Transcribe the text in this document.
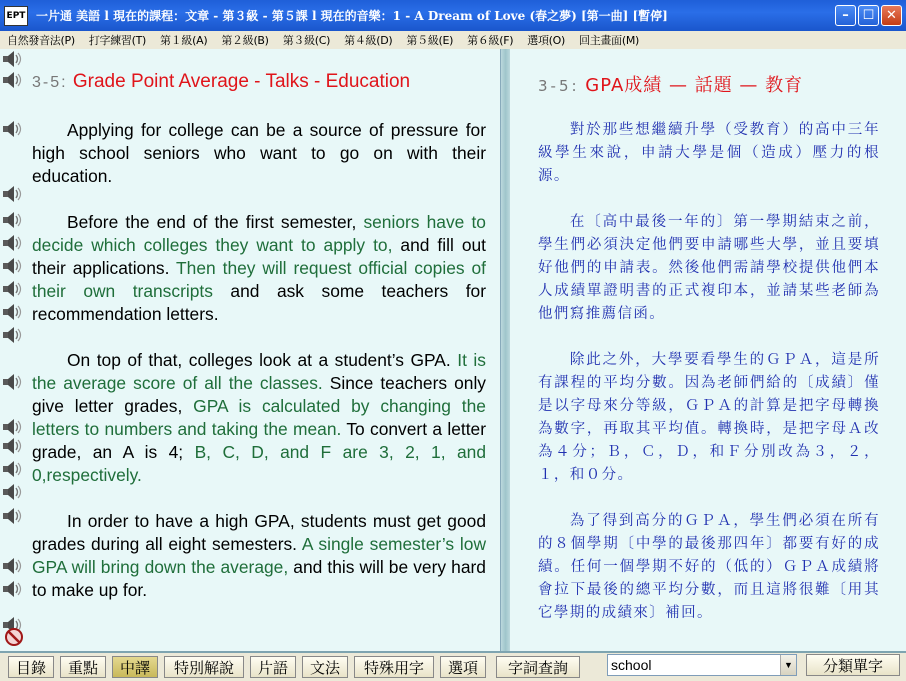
EPT 一片通 美語 l 現在的課程：文章 - 第３級 - 第５課 l 現在的音樂：1 - A Dream of Love (春之夢) [第一曲] [暫停]	–	☐ ✕
自然發音法(P)	打字練習(T)	第１級(A)	第２級(B)	第３級(C)	第４級(D)	第５級(E)	第６級(F)	選項(O)	回主畫面(M)
3-5: Grade Point Average - Talks - Education
Applying for college can be a source of pressure for high school seniors who want to go on with their education.
Before the end of the first semester, seniors have to decide which colleges they want to apply to, and fill out their applications. Then they will request official copies of their own transcripts and ask some teachers for recommendation letters.
On top of that, colleges look at a student’s GPA. It is the average score of all the classes. Since teachers only give letter grades, GPA is calculated by changing the letters to numbers and taking the mean. To convert a letter grade, an A is 4; B, C, D, and F are 3, 2, 1, and 0,respectively.
In order to have a high GPA, students must get good grades during all eight semesters. A single semester’s low GPA will bring down the average, and this will be very hard to make up for.
3-5: GPA成績 — 話題 — 教育
對於那些想繼續升學（受教育）的高中三年級學生來說，申請大學是個（造成）壓力的根源。
在〔高中最後一年的〕第一學期結束之前，學生們必須決定他們要申請哪些大學，並且要填好他們的申請表。然後他們需請學校提供他們本人成績單證明書的正式複印本，並請某些老師為他們寫推薦信函。
除此之外，大學要看學生的ＧＰＡ，這是所有課程的平均分數。因為老師們給的〔成績〕僅是以字母來分等級，ＧＰＡ的計算是把字母轉換為數字，再取其平均值。轉換時，是把字母Ａ改為４分；Ｂ，Ｃ，Ｄ，和Ｆ分別改為３，２，１，和０分。
為了得到高分的ＧＰＡ，學生們必須在所有的８個學期〔中學的最後那四年〕都要有好的成績。任何一個學期不好的（低的）ＧＰＡ成績將會拉下最後的總平均分數，而且這將很難〔用其它學期的成績來〕補回。
目錄	重點	中譯	特別解說	片語	文法	特殊用字	選項	字詞查詢	school	▼	分類單字
